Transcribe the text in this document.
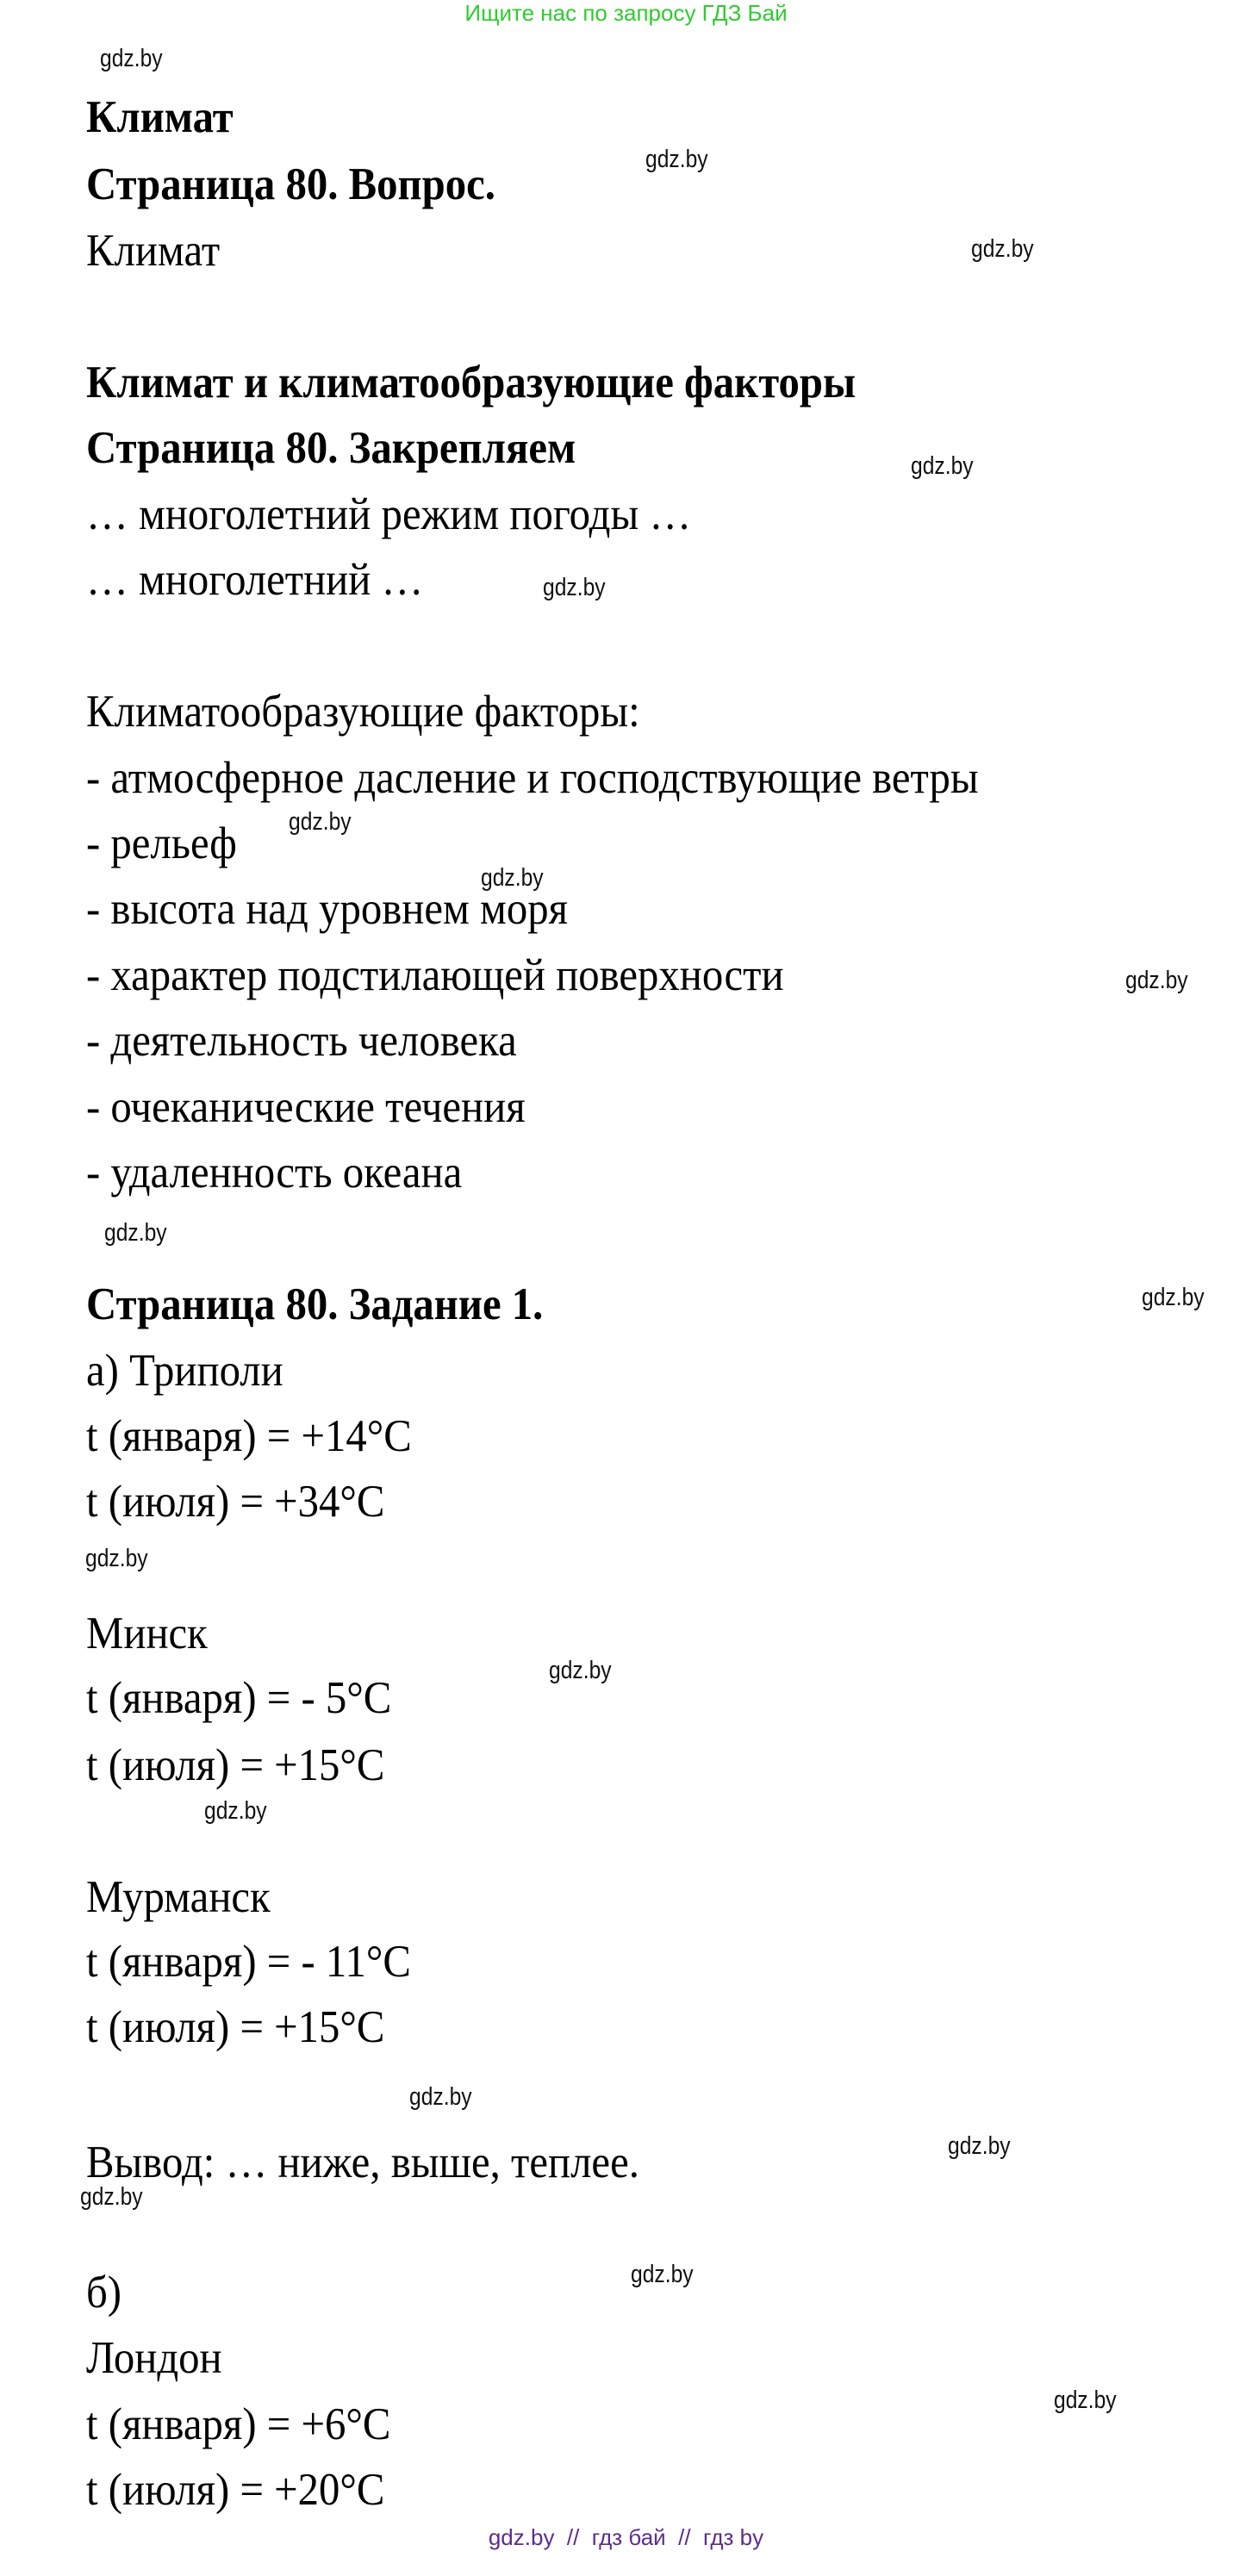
Ищите нас по запросу ГДЗ Бай
Климат
Страница 80. Вопрос.
Климат
Климат и климатообразующие факторы
Страница 80. Закрепляем
… многолетний режим погоды …
… многолетний …
Климатообразующие факторы:
- атмосферное дасление и господствующие ветры
- рельеф
- высота над уровнем моря
- характер подстилающей поверхности
- деятельность человека
- очеканические течения
- удаленность океана
Страница 80. Задание 1.
а) Триполи
t (января) = +14°C
t (июля) = +34°C
Минск
t (января) = - 5°C
t (июля) = +15°C
Мурманск
t (января) = - 11°C
t (июля) = +15°C
Вывод: … ниже, выше, теплее.
б)
Лондон
t (января) = +6°C
t (июля) = +20°C
gdz.by
gdz.by
gdz.by
gdz.by
gdz.by
gdz.by
gdz.by
gdz.by
gdz.by
gdz.by
gdz.by
gdz.by
gdz.by
gdz.by
gdz.by
gdz.by
gdz.by
gdz.by
gdz.by  //  гдз бай  //  гдз by
